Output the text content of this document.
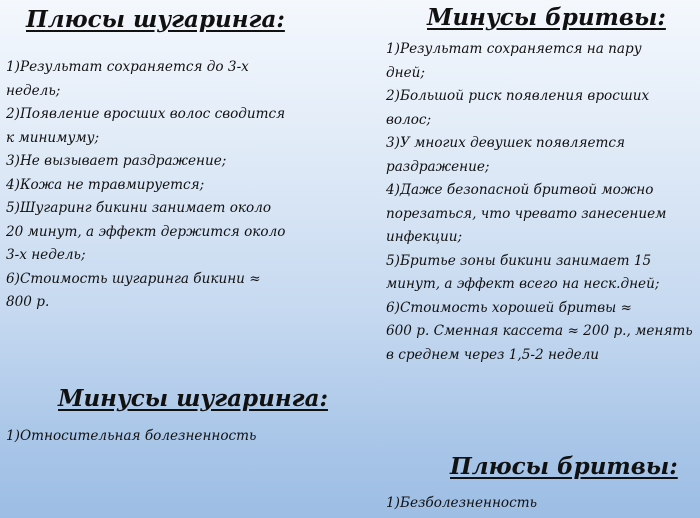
Плюсы шугаринга:
1)Результат сохраняется до 3-х
недель;
2)Появление вросших волос сводится
к минимуму;
3)Не вызывает раздражение;
4)Кожа не травмируется;
5)Шугаринг бикини занимает около
20 минут, а эффект держится около
3-х недель;
6)Стоимость шугаринга бикини ≈
800 р.
Минусы шугаринга:
1)Относительная болезненность
Минусы бритвы:
1)Результат сохраняется на пару
дней;
2)Большой риск появления вросших
волос;
3)У многих девушек появляется
раздражение;
4)Даже безопасной бритвой можно
порезаться, что чревато занесением
инфекции;
5)Бритье зоны бикини занимает 15
минут, а эффект всего на неск.дней;
6)Стоимость хорошей бритвы ≈
600 р. Сменная кассета ≈ 200 р., менять
в среднем через 1,5-2 недели
Плюсы бритвы:
1)Безболезненность
